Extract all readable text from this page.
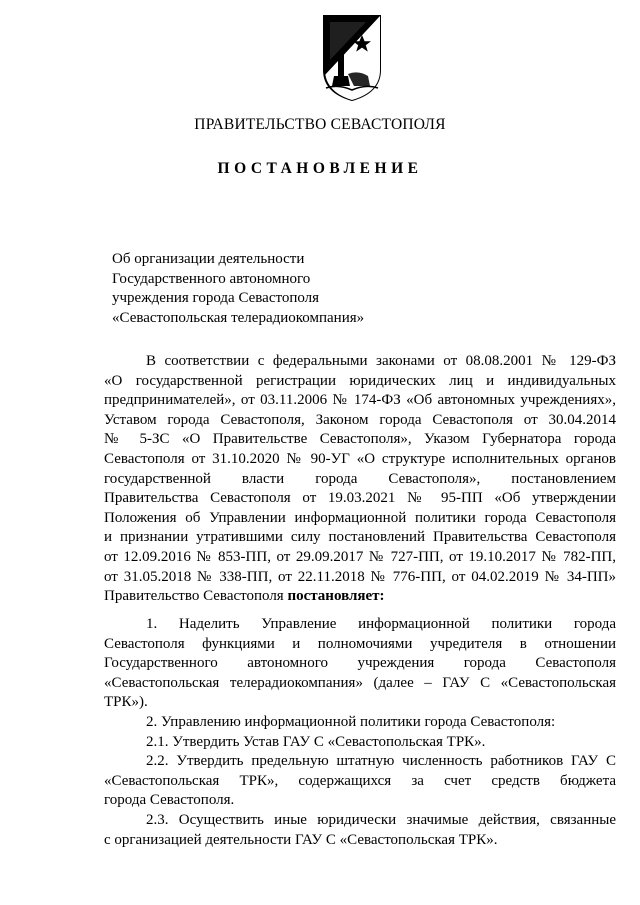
ПРАВИТЕЛЬСТВО СЕВАСТОПОЛЯ
ПОСТАНОВЛЕНИЕ
Об организации деятельности
Государственного автономного
учреждения города Севастополя
«Севастопольская телерадиокомпания»
В соответствии с федеральными законами от 08.08.2001 № 129-ФЗ
«О государственной регистрации юридических лиц и индивидуальных
предпринимателей», от 03.11.2006 № 174-ФЗ «Об автономных учреждениях»,
Уставом города Севастополя, Законом города Севастополя от 30.04.2014
№ 5-ЗС «О Правительстве Севастополя», Указом Губернатора города
Севастополя от 31.10.2020 № 90-УГ «О структуре исполнительных органов
государственной власти города Севастополя», постановлением
Правительства Севастополя от 19.03.2021 № 95-ПП «Об утверждении
Положения об Управлении информационной политики города Севастополя
и признании утратившими силу постановлений Правительства Севастополя
от 12.09.2016 № 853-ПП, от 29.09.2017 № 727-ПП, от 19.10.2017 № 782-ПП,
от 31.05.2018 № 338-ПП, от 22.11.2018 № 776-ПП, от 04.02.2019 № 34-ПП»
Правительство Севастополя постановляет:
1. Наделить Управление информационной политики города
Севастополя функциями и полномочиями учредителя в отношении
Государственного автономного учреждения города Севастополя
«Севастопольская телерадиокомпания» (далее – ГАУ С «Севастопольская
ТРК»).
2. Управлению информационной политики города Севастополя:
2.1. Утвердить Устав ГАУ С «Севастопольская ТРК».
2.2. Утвердить предельную штатную численность работников ГАУ С
«Севастопольская ТРК», содержащихся за счет средств бюджета
города Севастополя.
2.3. Осуществить иные юридически значимые действия, связанные
с организацией деятельности ГАУ С «Севастопольская ТРК».
